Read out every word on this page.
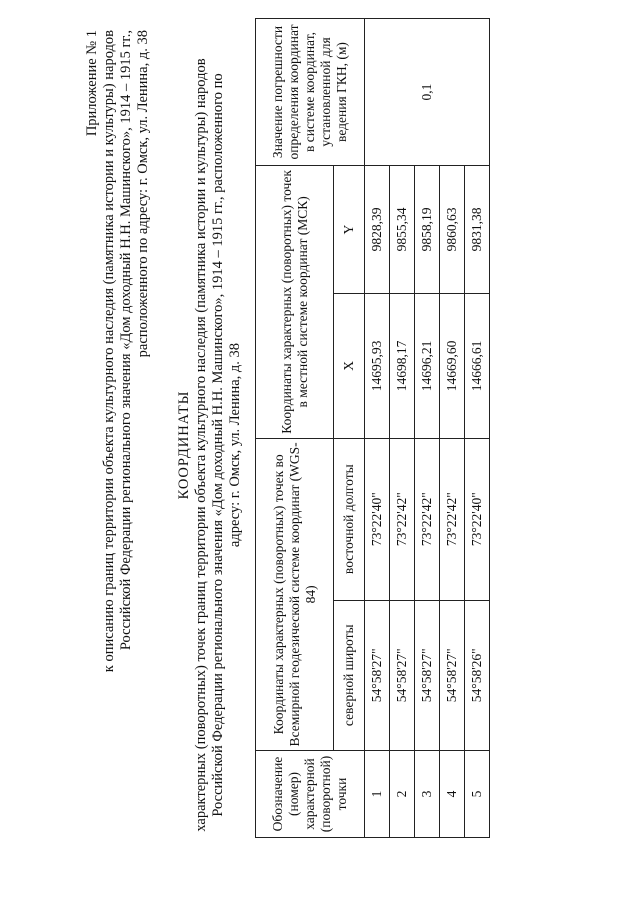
Приложение № 1 к описанию границ территории объекта культурного наследия (памятника истории и культуры) народов Российской Федерации регионального значения «Дом доходный Н.Н. Машинского», 1914 – 1915 гг., расположенного по адресу: г. Омск, ул. Ленина, д. 38
КООРДИНАТЫ характерных (поворотных) точек границ территории объекта культурного наследия (памятника истории и культуры) народов Российской Федерации регионального значения «Дом доходный Н.Н. Машинского», 1914 – 1915 гг., расположенного по адресу: г. Омск, ул. Ленина, д. 38
Обозначение (номер) характерной (поворотной) точки	Координаты характерных (поворотных) точек во Всемирной геодезической системе координат (WGS-84)		Координаты характерных (поворотных) точек в местной системе координат (МСК)		Значение погрешности определения координат в системе координат, установленной для ведения ГКН, (м)
	северной широты	восточной долготы	X	Y	
1	54°58'27"	73°22'40"	14695,93	9828,39	0,1
2	54°58'27"	73°22'42"	14698,17	9855,34	
3	54°58'27"	73°22'42"	14696,21	9858,19	
4	54°58'27"	73°22'42"	14669,60	9860,63	
5	54°58'26"	73°22'40"	14666,61	9831,38	
